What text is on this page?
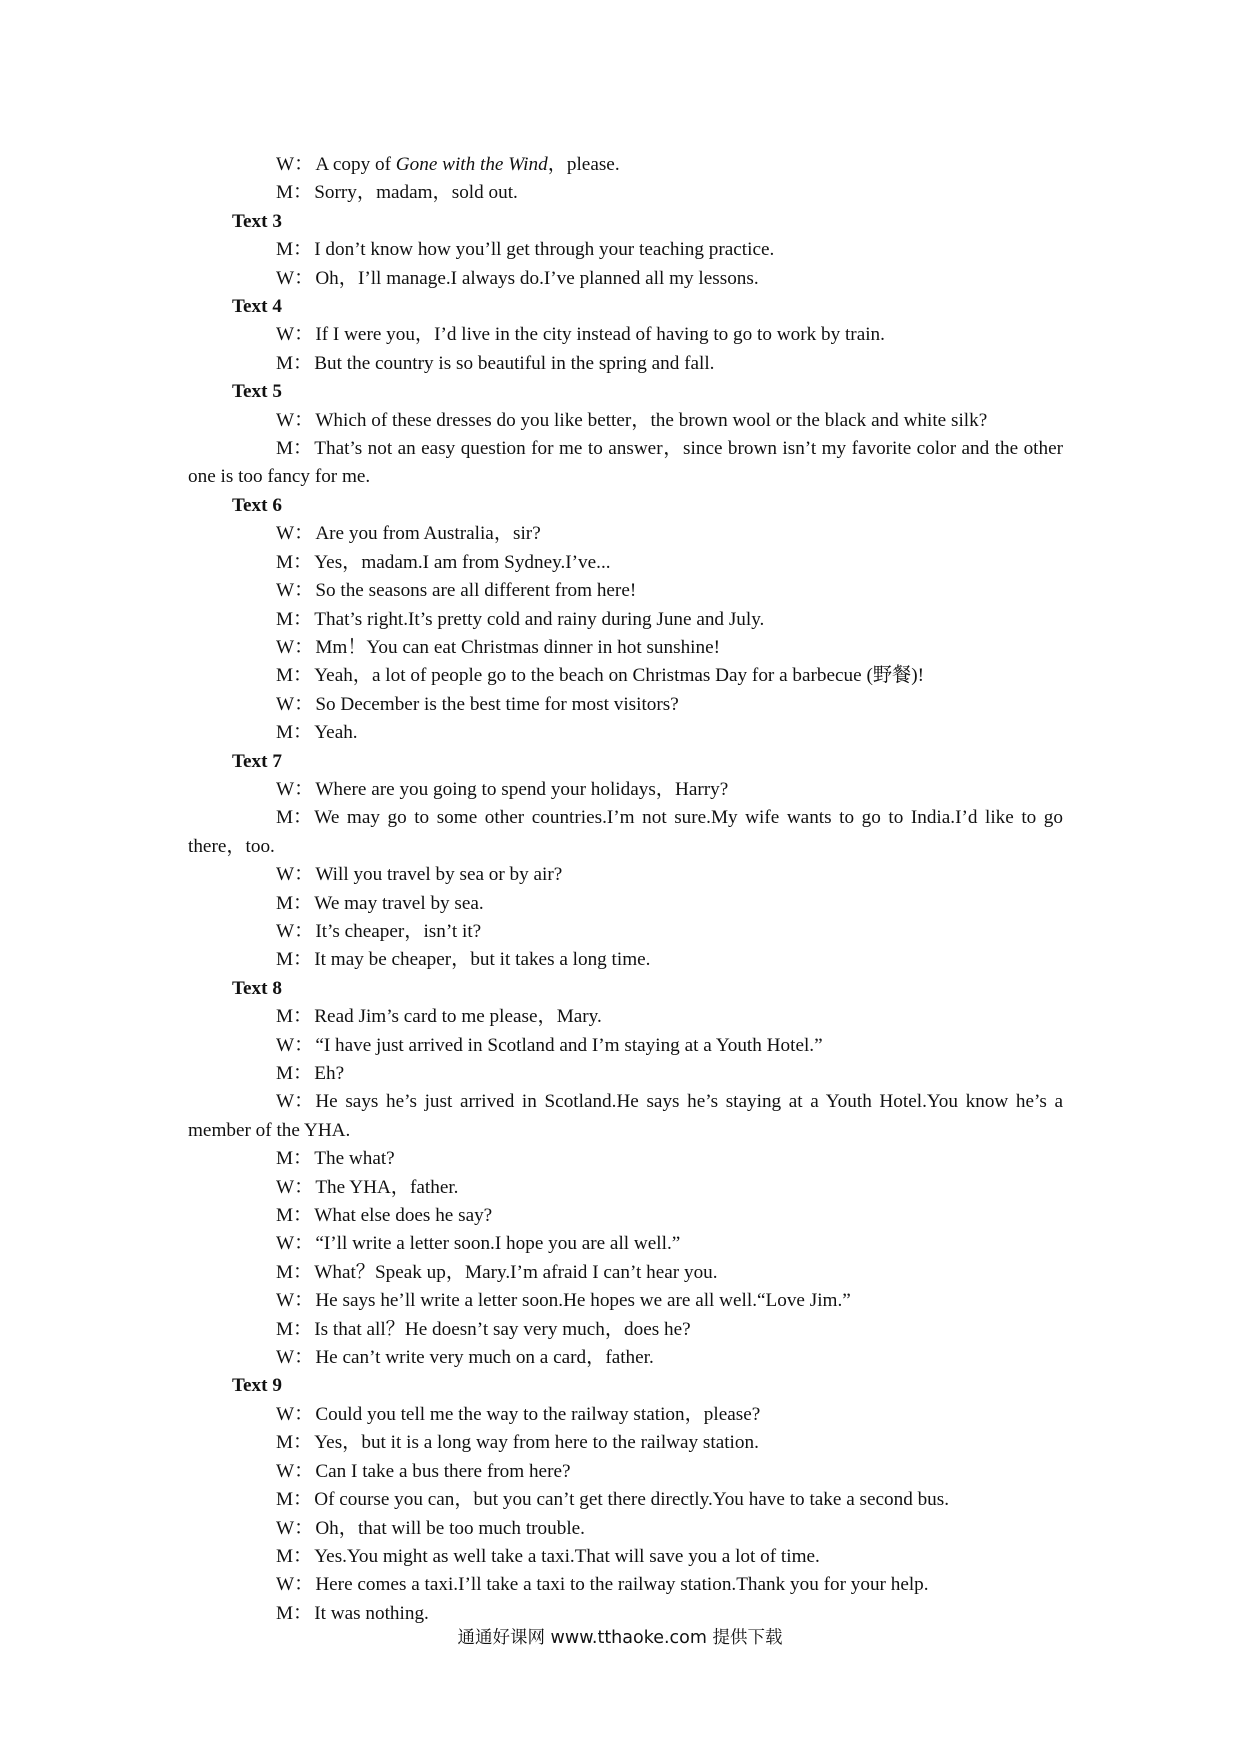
W： A copy of Gone with the Wind，please.
M： Sorry，madam，sold out.
Text 3
M： I don’t know how you’ll get through your teaching practice.
W： Oh，I’ll manage.I always do.I’ve planned all my lessons.
Text 4
W： If I were you，I’d live in the city instead of having to go to work by train.
M： But the country is so beautiful in the spring and fall.
Text 5
W： Which of these dresses do you like better，the brown wool or the black and white silk?
M： That’s not an easy question for me to answer，since brown isn’t my favorite color and the other one is too fancy for me.
Text 6
W： Are you from Australia，sir?
M： Yes，madam.I am from Sydney.I’ve...
W： So the seasons are all different from here!
M： That’s right.It’s pretty cold and rainy during June and July.
W： Mm！You can eat Christmas dinner in hot sunshine!
M： Yeah，a lot of people go to the beach on Christmas Day for a barbecue (野餐)!
W： So December is the best time for most visitors?
M： Yeah.
Text 7
W： Where are you going to spend your holidays，Harry?
M： We may go to some other countries.I’m not sure.My wife wants to go to India.I’d like to go there，too.
W： Will you travel by sea or by air?
M： We may travel by sea.
W： It’s cheaper，isn’t it?
M： It may be cheaper，but it takes a long time.
Text 8
M： Read Jim’s card to me please，Mary.
W： “I have just arrived in Scotland and I’m staying at a Youth Hotel.”
M： Eh?
W： He says he’s just arrived in Scotland.He says he’s staying at a Youth Hotel.You know he’s a member of the YHA.
M： The what?
W： The YHA，father.
M： What else does he say?
W： “I’ll write a letter soon.I hope you are all well.”
M： What？Speak up，Mary.I’m afraid I can’t hear you.
W： He says he’ll write a letter soon.He hopes we are all well.“Love Jim.”
M： Is that all？He doesn’t say very much，does he?
W： He can’t write very much on a card，father.
Text 9
W： Could you tell me the way to the railway station，please?
M： Yes，but it is a long way from here to the railway station.
W： Can I take a bus there from here?
M： Of course you can，but you can’t get there directly.You have to take a second bus.
W： Oh，that will be too much trouble.
M： Yes.You might as well take a taxi.That will save you a lot of time.
W： Here comes a taxi.I’ll take a taxi to the railway station.Thank you for your help.
M： It was nothing.
通通好课网 www.tthaoke.com 提供下载
